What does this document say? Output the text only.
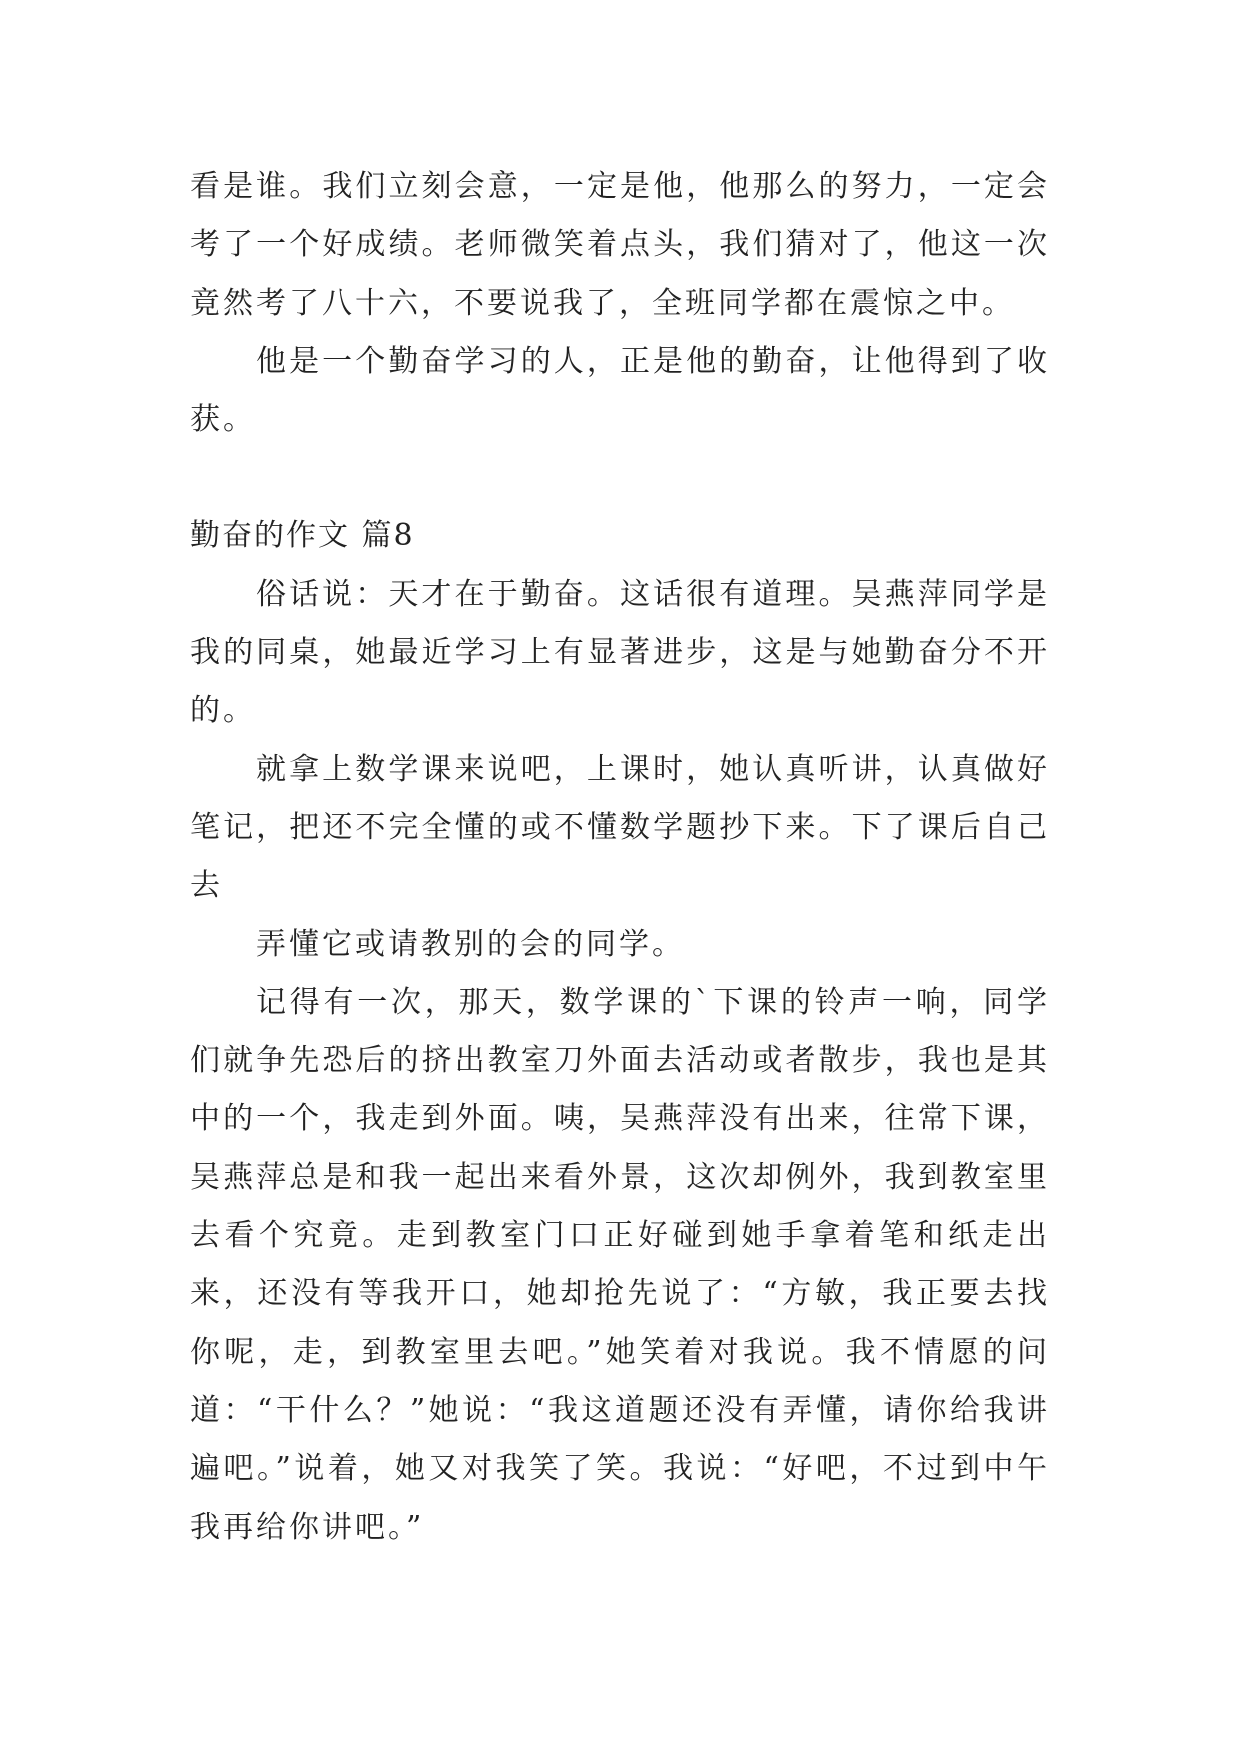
看是谁。我们立刻会意，一定是他，他那么的努力，一定会考了一个好成绩。老师微笑着点头，我们猜对了，他这一次竟然考了八十六，不要说我了，全班同学都在震惊之中。

他是一个勤奋学习的人，正是他的勤奋，让他得到了收获。

勤奋的作文 篇8

俗话说：天才在于勤奋。这话很有道理。吴燕萍同学是我的同桌，她最近学习上有显著进步，这是与她勤奋分不开的。

就拿上数学课来说吧，上课时，她认真听讲，认真做好笔记，把还不完全懂的或不懂数学题抄下来。下了课后自己去

弄懂它或请教别的会的同学。

记得有一次，那天，数学课的`下课的铃声一响，同学们就争先恐后的挤出教室刀外面去活动或者散步，我也是其中的一个，我走到外面。咦，吴燕萍没有出来，往常下课，吴燕萍总是和我一起出来看外景，这次却例外，我到教室里去看个究竟。走到教室门口正好碰到她手拿着笔和纸走出来，还没有等我开口，她却抢先说了：“方敏，我正要去找你呢，走，到教室里去吧。”她笑着对我说。我不情愿的问道：“干什么？”她说：“我这道题还没有弄懂，请你给我讲遍吧。”说着，她又对我笑了笑。我说：“好吧，不过到中午我再给你讲吧。”
